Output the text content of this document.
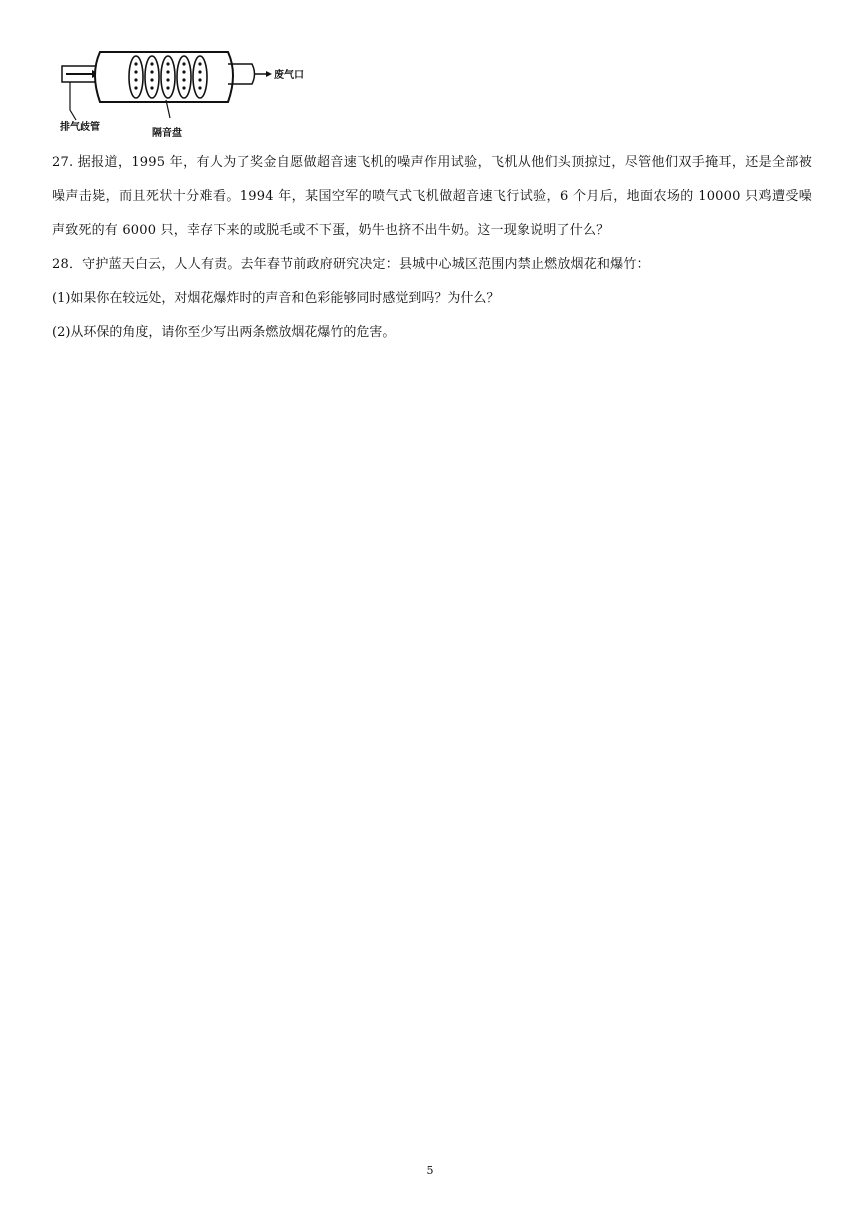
废气口
排气歧管
隔音盘

27. 据报道，1995 年，有人为了奖金自愿做超音速飞机的噪声作用试验，飞机从他们头顶掠过，尽管他们双手掩耳，还是全部被噪声击毙，而且死状十分难看。1994 年，某国空军的喷气式飞机做超音速飞行试验，6 个月后，地面农场的 10000 只鸡遭受噪声致死的有 6000 只，幸存下来的或脱毛或不下蛋，奶牛也挤不出牛奶。这一现象说明了什么？

28．守护蓝天白云，人人有责。去年春节前政府研究决定：县城中心城区范围内禁止燃放烟花和爆竹：

(1)如果你在较远处，对烟花爆炸时的声音和色彩能够同时感觉到吗？为什么？

(2)从环保的角度，请你至少写出两条燃放烟花爆竹的危害。

5
